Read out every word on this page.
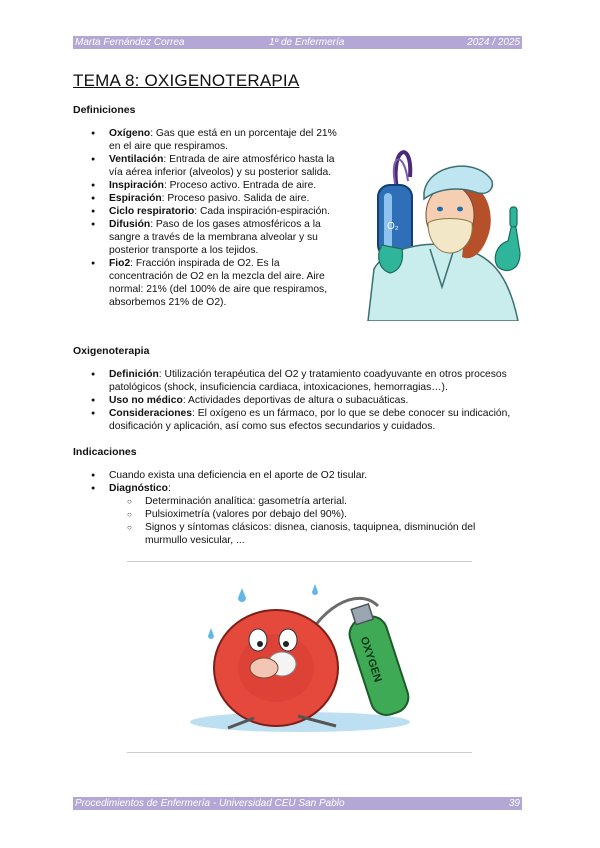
Marta Fernández Correa	1º de Enfermería	2024 / 2025
TEMA 8: OXIGENOTERAPIA
Definiciones
● Oxígeno: Gas que está en un porcentaje del 21% en el aire que respiramos.
● Ventilación: Entrada de aire atmosférico hasta la vía aérea inferior (alveolos) y su posterior salida.
● Inspiración: Proceso activo. Entrada de aire.
● Espiración: Proceso pasivo. Salida de aire.
● Ciclo respiratorio: Cada inspiración-espiración.
● Difusión: Paso de los gases atmosféricos a la sangre a través de la membrana alveolar y su posterior transporte a los tejidos.
● Fio2: Fracción inspirada de O2. Es la concentración de O2 en la mezcla del aire. Aire normal: 21% (del 100% de aire que respiramos, absorbemos 21% de O2).
O₂
Oxigenoterapia
● Definición: Utilización terapéutica del O2 y tratamiento coadyuvante en otros procesos patológicos (shock, insuficiencia cardiaca, intoxicaciones, hemorragias…).
● Uso no médico: Actividades deportivas de altura o subacuáticas.
● Consideraciones: El oxígeno es un fármaco, por lo que se debe conocer su indicación, dosificación y aplicación, así como sus efectos secundarios y cuidados.
Indicaciones
● Cuando exista una deficiencia en el aporte de O2 tisular.
● Diagnóstico:
○ Determinación analítica: gasometría arterial.
○ Pulsioximetría (valores por debajo del 90%).
○ Signos y síntomas clásicos: disnea, cianosis, taquipnea, disminución del murmullo vesicular, ...
OXYGEN
Procedimientos de Enfermería - Universidad CEU San Pablo	39
